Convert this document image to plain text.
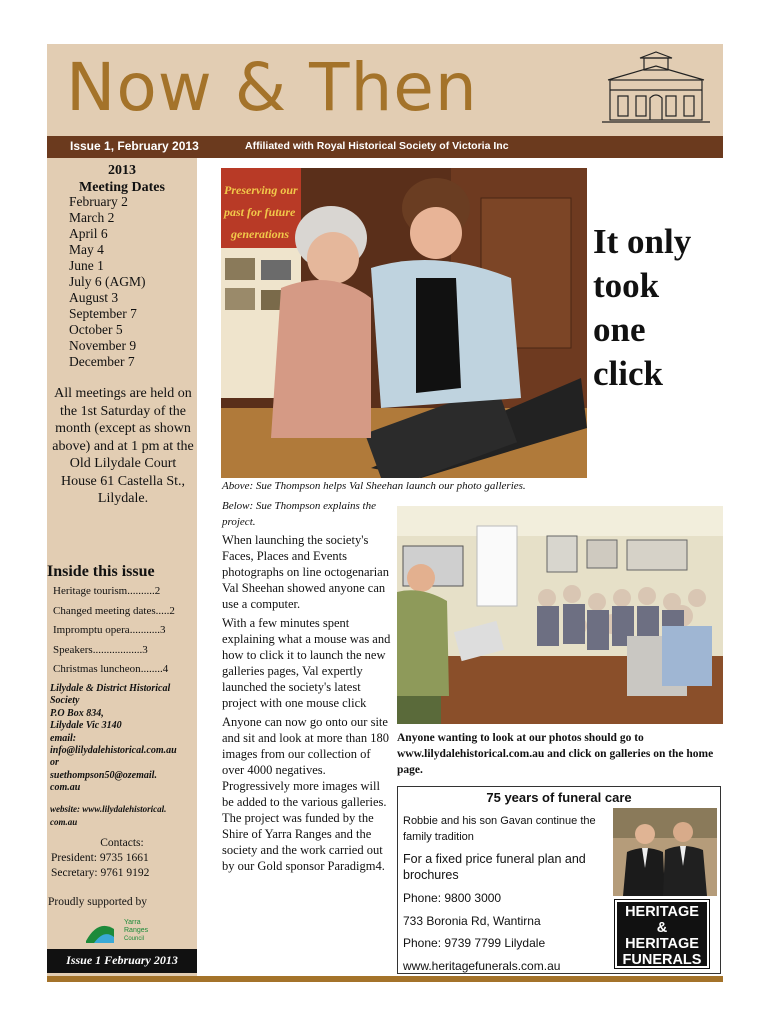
Now & Then
Issue 1, February 2013	Affiliated with Royal Historical Society of Victoria Inc
2013
Meeting Dates
February 2
March 2
April 6
May 4
June 1
July 6 (AGM)
August 3
September 7
October 5
November 9
December 7
All meetings are held on the 1st Saturday of the month (except as shown above) and at 1 pm at the Old Lilydale Court House 61 Castella St., Lilydale.
Inside this issue
Heritage tourism..........2
Changed meeting dates.....2
Impromptu opera...........3
Speakers..................3
Christmas luncheon........4
Lilydale & District Historical
Society
P.O Box 834,
Lilydale Vic 3140
email:
info@lilydalehistorical.com.au
or
suethompson50@ozemail.
com.au
website: www.lilydalehistorical.
com.au
Contacts:
President: 9735 1661
Secretary: 9761 9192
Proudly supported by
Yarra
Ranges
Council
Issue 1 February 2013
Preserving our
past for future
generations
Above: Sue Thompson helps Val Sheehan launch our photo galleries.
Below: Sue Thompson explains the project.
It only
took
one
click

When launching the society's Faces, Places and Events photographs on line octogenarian Val Sheehan showed anyone can use a computer.

With a few minutes spent explaining what a mouse was and how to click it to launch the new galleries pages, Val expertly launched the society's latest project with one mouse click

Anyone can now go onto our site and sit and look at more than 180 images from our collection of over 4000 negatives. Progressively more images will be added to the various galleries. The project was funded by the Shire of Yarra Ranges and the society and the work carried out by our Gold sponsor Paradigm4.

Anyone wanting to look at our photos should go to www.lilydalehistorical.com.au and click on galleries on the home page.
75 years of funeral care
Robbie and his son Gavan continue the family tradition
For a fixed price funeral plan and brochures
Phone: 9800 3000
733 Boronia Rd, Wantirna
Phone: 9739 7799 Lilydale
www.heritagefunerals.com.au
HERITAGE
&
HERITAGE
FUNERALS
